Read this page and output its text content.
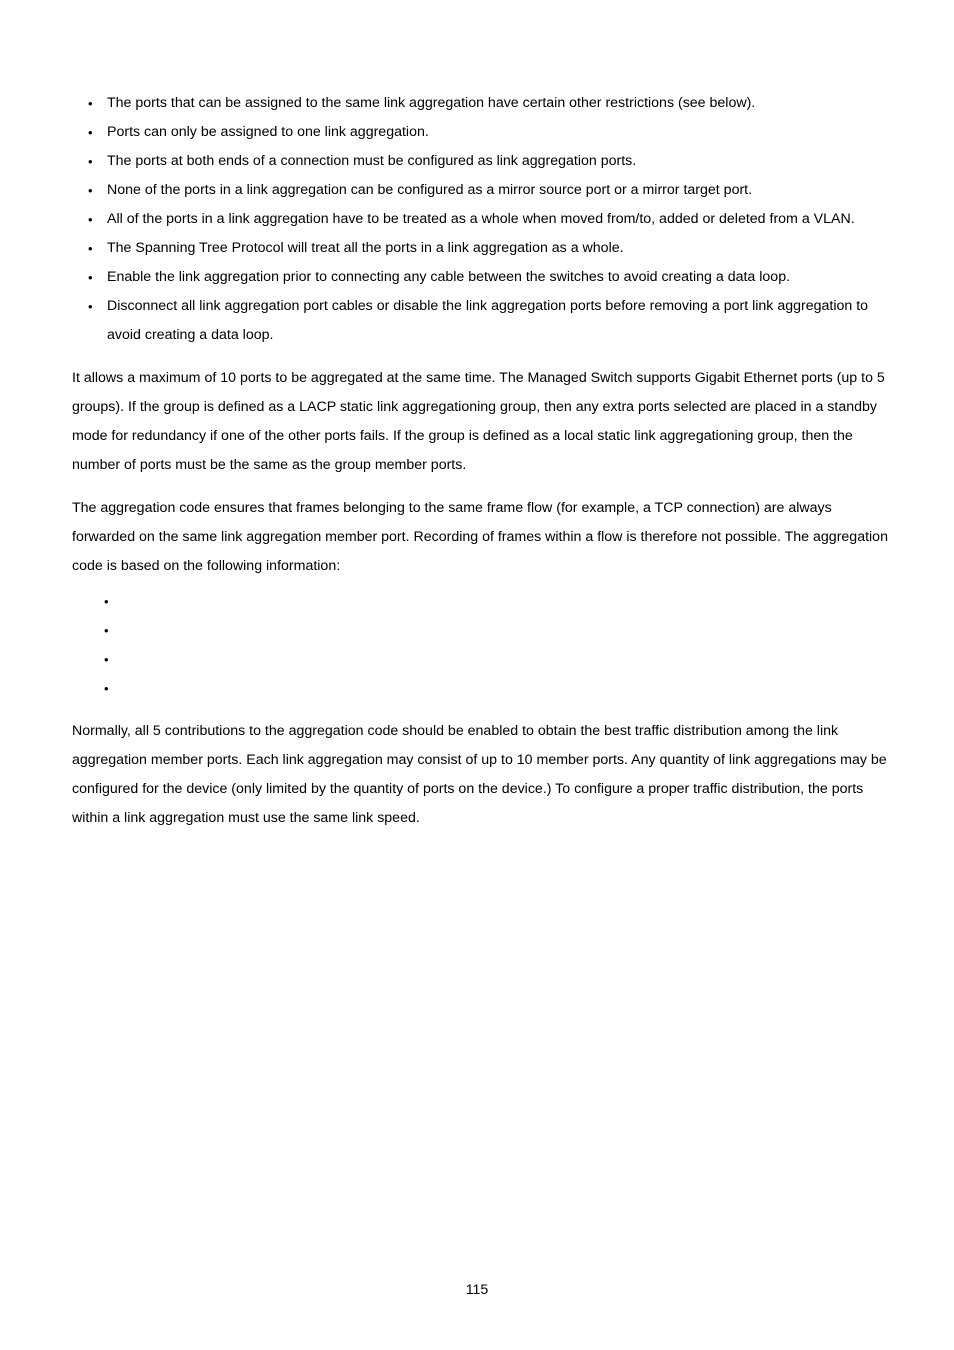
• The ports that can be assigned to the same link aggregation have certain other restrictions (see below).
• Ports can only be assigned to one link aggregation.
• The ports at both ends of a connection must be configured as link aggregation ports.
• None of the ports in a link aggregation can be configured as a mirror source port or a mirror target port.
• All of the ports in a link aggregation have to be treated as a whole when moved from/to, added or deleted from a VLAN.
• The Spanning Tree Protocol will treat all the ports in a link aggregation as a whole.
• Enable the link aggregation prior to connecting any cable between the switches to avoid creating a data loop.
• Disconnect all link aggregation port cables or disable the link aggregation ports before removing a port link aggregation to avoid creating a data loop.

It allows a maximum of 10 ports to be aggregated at the same time. The Managed Switch supports Gigabit Ethernet ports (up to 5 groups). If the group is defined as a LACP static link aggregationing group, then any extra ports selected are placed in a standby mode for redundancy if one of the other ports fails. If the group is defined as a local static link aggregationing group, then the number of ports must be the same as the group member ports.

The aggregation code ensures that frames belonging to the same frame flow (for example, a TCP connection) are always forwarded on the same link aggregation member port. Recording of frames within a flow is therefore not possible. The aggregation code is based on the following information:

•
•
•
•

Normally, all 5 contributions to the aggregation code should be enabled to obtain the best traffic distribution among the link aggregation member ports. Each link aggregation may consist of up to 10 member ports. Any quantity of link aggregations may be configured for the device (only limited by the quantity of ports on the device.) To configure a proper traffic distribution, the ports within a link aggregation must use the same link speed.

115
